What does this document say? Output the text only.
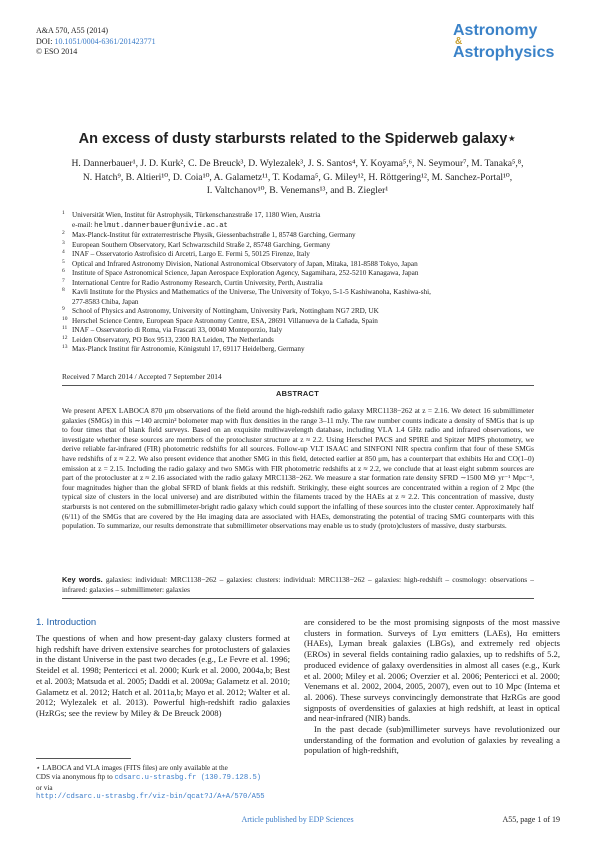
A&A 570, A55 (2014)
DOI: 10.1051/0004-6361/201423771
© ESO 2014
Astronomy
&
Astrophysics
An excess of dusty starbursts related to the Spiderweb galaxy⋆
H. Dannerbauer¹, J. D. Kurk², C. De Breuck³, D. Wylezalek³, J. S. Santos⁴, Y. Koyama⁵,⁶, N. Seymour⁷, M. Tanaka⁵,⁸,
N. Hatch⁹, B. Altieri¹⁰, D. Coia¹⁰, A. Galametz¹¹, T. Kodama⁵, G. Miley¹², H. Röttgering¹², M. Sanchez-Portal¹⁰,
I. Valtchanov¹⁰, B. Venemans¹³, and B. Ziegler¹
1	Universität Wien, Institut für Astrophysik, Türkenschanzstraße 17, 1180 Wien, Austria
e-mail: helmut.dannerbauer@univie.ac.at
2	Max-Planck-Institut für extraterrestrische Physik, Giessenbachstraße 1, 85748 Garching, Germany
3	European Southern Observatory, Karl Schwarzschild Straße 2, 85748 Garching, Germany
4	INAF – Osservatorio Astrofisico di Arcetri, Largo E. Fermi 5, 50125 Firenze, Italy
5	Optical and Infrared Astronomy Division, National Astronomical Observatory of Japan, Mitaka, 181-8588 Tokyo, Japan
6	Institute of Space Astronomical Science, Japan Aerospace Exploration Agency, Sagamihara, 252-5210 Kanagawa, Japan
7	International Centre for Radio Astronomy Research, Curtin University, Perth, Australia
8	Kavli Institute for the Physics and Mathematics of the Universe, The University of Tokyo, 5-1-5 Kashiwanoha, Kashiwa-shi,
277-8583 Chiba, Japan
9	School of Physics and Astronomy, University of Nottingham, University Park, Nottingham NG7 2RD, UK
10 Herschel Science Centre, European Space Astronomy Centre, ESA, 28691 Villanueva de la Cañada, Spain
11 INAF – Osservatorio di Roma, via Frascati 33, 00040 Monteporzio, Italy
12 Leiden Observatory, PO Box 9513, 2300 RA Leiden, The Netherlands
13 Max-Planck Institut für Astronomie, Königstuhl 17, 69117 Heidelberg, Germany
Received 7 March 2014 / Accepted 7 September 2014
ABSTRACT

We present APEX LABOCA 870 μm observations of the field around the high-redshift radio galaxy MRC1138−262 at z = 2.16. We detect 16 submillimeter galaxies (SMGs) in this ∼140 arcmin² bolometer map with flux densities in the range 3–11 mJy. The raw number counts indicate a density of SMGs that is up to four times that of blank field surveys. Based on an exquisite multiwavelength database, including VLA 1.4 GHz radio and infrared observations, we investigate whether these sources are members of the protocluster structure at z ≈ 2.2. Using Herschel PACS and SPIRE and Spitzer MIPS photometry, we derive reliable far-infrared (FIR) photometric redshifts for all sources. Follow-up VLT ISAAC and SINFONI NIR spectra confirm that four of these SMGs have redshifts of z ≈ 2.2. We also present evidence that another SMG in this field, detected earlier at 850 μm, has a counterpart that exhibits Hα and CO(1–0) emission at z = 2.15. Including the radio galaxy and two SMGs with FIR photometric redshifts at z ≈ 2.2, we conclude that at least eight submm sources are part of the protocluster at z ≈ 2.16 associated with the radio galaxy MRC1138−262. We measure a star formation rate density SFRD ∼1500 M⊙ yr⁻¹ Mpc⁻³, four magnitudes higher than the global SFRD of blank fields at this redshift. Strikingly, these eight sources are concentrated within a region of 2 Mpc (the typical size of clusters in the local universe) and are distributed within the filaments traced by the HAEs at z ≈ 2.2. This concentration of massive, dusty starbursts is not centered on the submillimeter-bright radio galaxy which could support the infalling of these sources into the cluster center. Approximately half (6/11) of the SMGs that are covered by the Hα imaging data are associated with HAEs, demonstrating the potential of tracing SMG counterparts with this population. To summarize, our results demonstrate that submillimeter observations may enable us to study (proto)clusters of massive, dusty starbursts.

Key words. galaxies: individual: MRC1138−262 – galaxies: clusters: individual: MRC1138−262 – galaxies: high-redshift – cosmology: observations – infrared: galaxies – submillimeter: galaxies
1. Introduction

The questions of when and how present-day galaxy clusters formed at high redshift have driven extensive searches for protoclusters of galaxies in the distant Universe in the past two decades (e.g., Le Fevre et al. 1996; Steidel et al. 1998; Pentericci et al. 2000; Kurk et al. 2000, 2004a,b; Best et al. 2003; Matsuda et al. 2005; Daddi et al. 2009a; Galametz et al. 2010; Galametz et al. 2012; Hatch et al. 2011a,b; Mayo et al. 2012; Walter et al. 2012; Wylezalek et al. 2013). Powerful high-redshift radio galaxies (HzRGs; see the review by Miley & De Breuck 2008)

⋆ LABOCA and VLA images (FITS files) are only available at the
CDS via anonymous ftp to cdsarc.u-strasbg.fr (130.79.128.5)
or via
http://cdsarc.u-strasbg.fr/viz-bin/qcat?J/A+A/570/A55

are considered to be the most promising signposts of the most massive clusters in formation. Surveys of Lyα emitters (LAEs), Hα emitters (HAEs), Lyman break galaxies (LBGs), and extremely red objects (EROs) in several fields containing radio galaxies, up to redshifts of 5.2, produced evidence of galaxy overdensities in almost all cases (e.g., Kurk et al. 2000; Miley et al. 2006; Overzier et al. 2006; Pentericci et al. 2000; Venemans et al. 2002, 2004, 2005, 2007), even out to 10 Mpc (Intema et al. 2006). These surveys convincingly demonstrate that HzRGs are good signposts of overdensities of galaxies at high redshift, at least in optical and near-infrared (NIR) bands.

In the past decade (sub)millimeter surveys have revolutionized our understanding of the formation and evolution of galaxies by revealing a population of high-redshift,

Article published by EDP Sciences	A55, page 1 of 19
